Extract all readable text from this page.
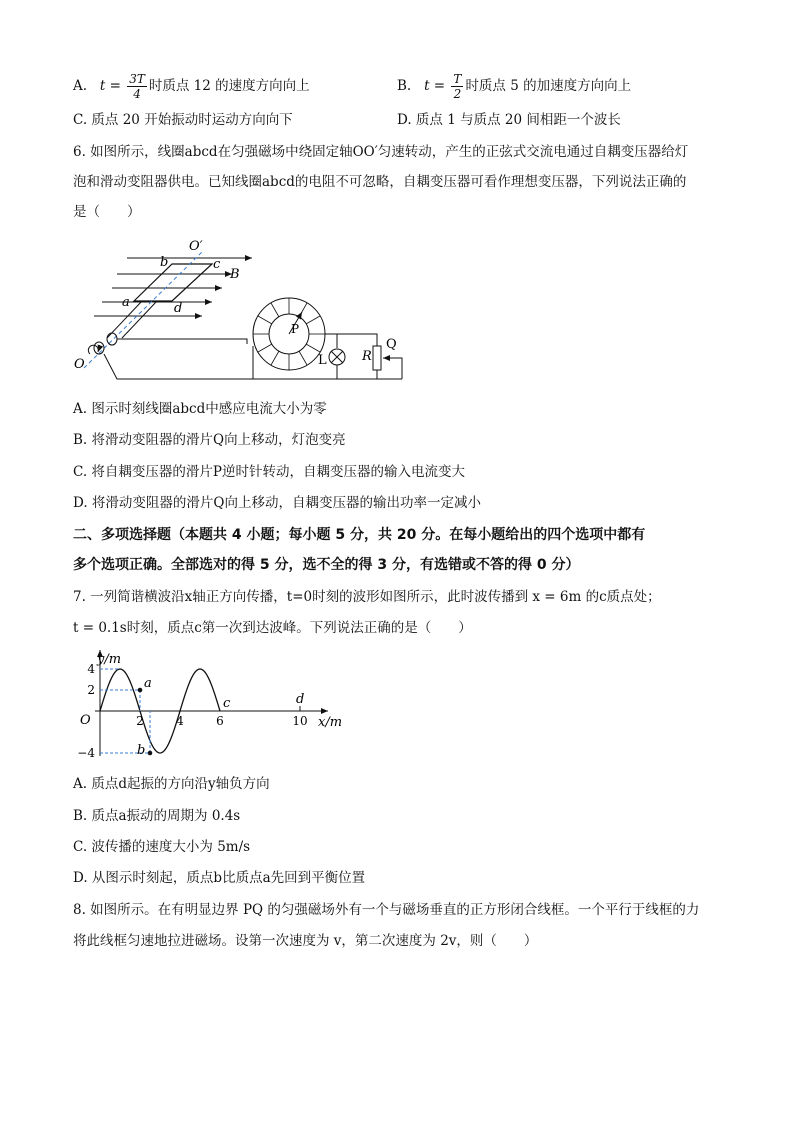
A. $t = \frac{3T}{4}$ 时质点 12 的速度方向向上	B. $t = \frac{T}{2}$ 时质点 5 的加速度方向向上
C. 质点 20 开始振动时运动方向向下	D. 质点 1 与质点 20 间相距一个波长
6. 如图所示，线圈abcd在匀强磁场中绕固定轴OO′匀速转动，产生的正弦式交流电通过自耦变压器给灯
泡和滑动变阻器供电。已知线圈abcd的电阻不可忽略，自耦变压器可看作理想变压器，下列说法正确的
是（　　）
O′
b	c
B
a	d
O
P
L	R
Q
A. 图示时刻线圈abcd中感应电流大小为零
B. 将滑动变阻器的滑片Q向上移动，灯泡变亮
C. 将自耦变压器的滑片P逆时针转动，自耦变压器的输入电流变大
D. 将滑动变阻器的滑片Q向上移动，自耦变压器的输出功率一定减小
二、多项选择题（本题共 4 小题；每小题 5 分，共 20 分。在每小题给出的四个选项中都有
多个选项正确。全部选对的得 5 分，选不全的得 3 分，有选错或不答的得 0 分）
7. 一列简谐横波沿x轴正方向传播，t=0时刻的波形如图所示，此时波传播到 x = 6m 的c质点处；
t = 0.1s时刻，质点c第一次到达波峰。下列说法正确的是（　　）
4
2
−4
2	4	6	10
a
b
c	d
y/m
x/m
O
A. 质点d起振的方向沿y轴负方向
B. 质点a振动的周期为 0.4s
C. 波传播的速度大小为 5m/s
D. 从图示时刻起，质点b比质点a先回到平衡位置
8. 如图所示。在有明显边界 PQ 的匀强磁场外有一个与磁场垂直的正方形闭合线框。一个平行于线框的力
将此线框匀速地拉进磁场。设第一次速度为 v，第二次速度为 2v，则（　　）
